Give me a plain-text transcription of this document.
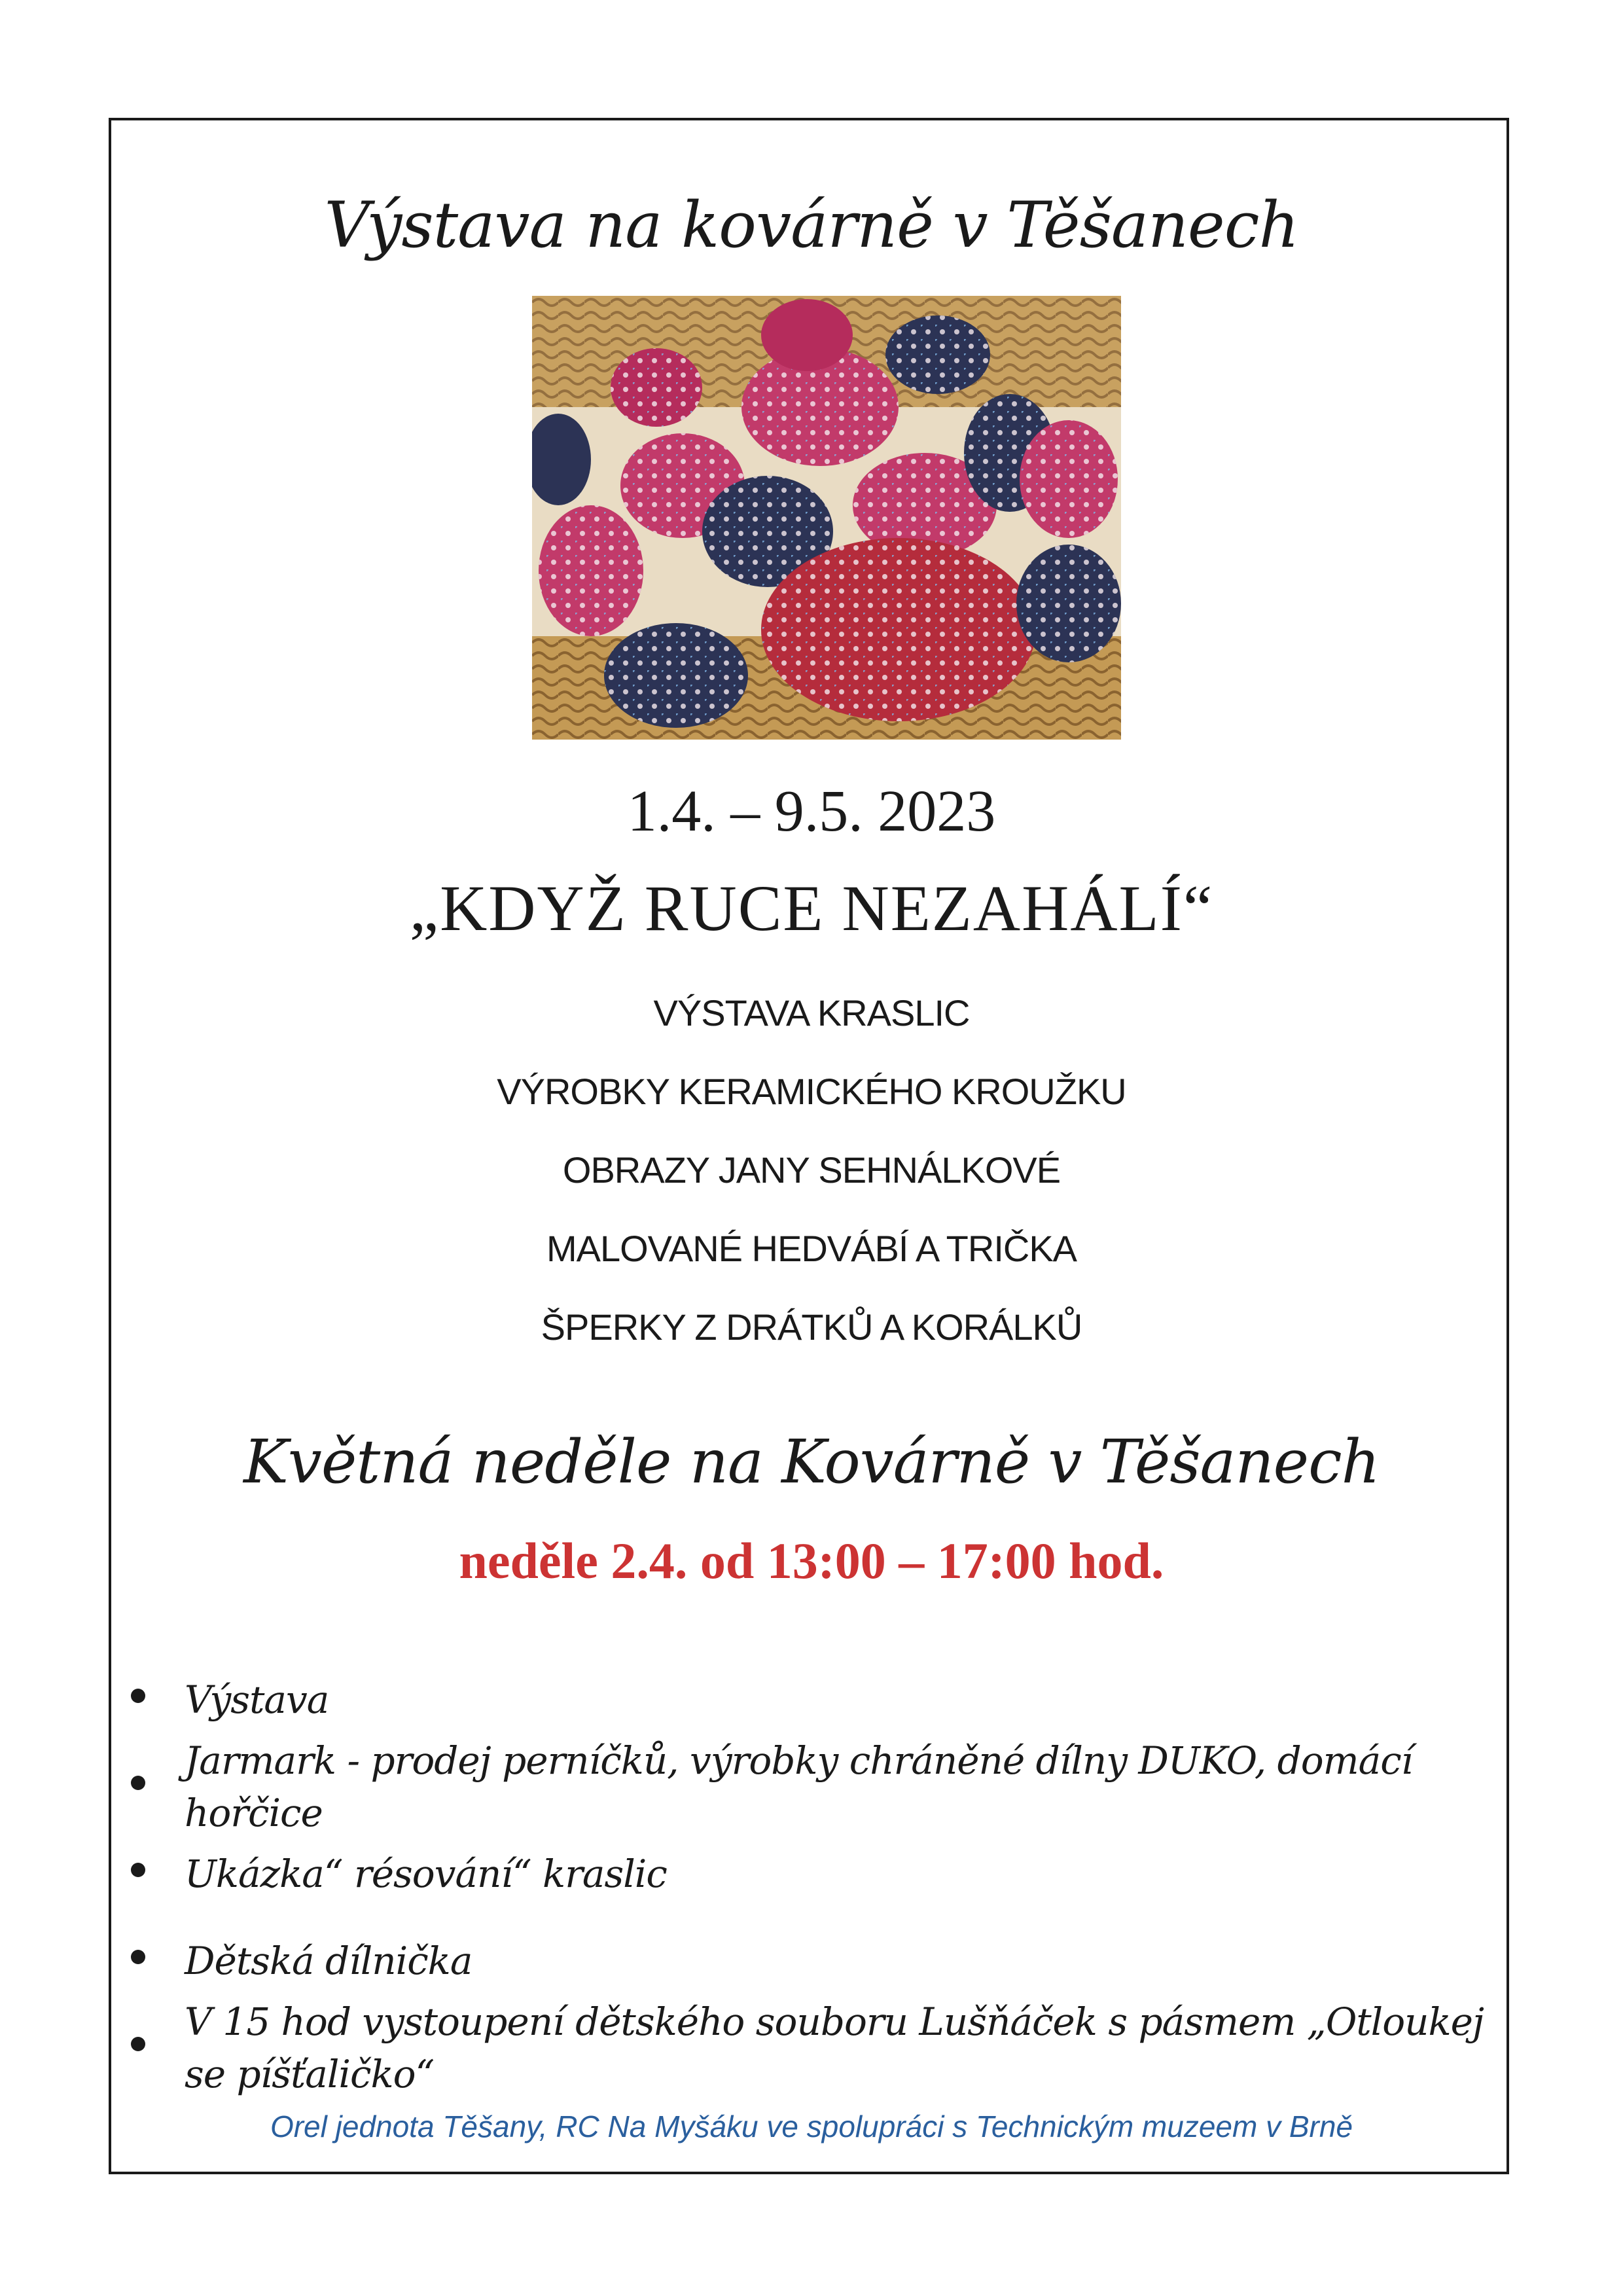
Výstava na kovárně v Těšanech

1.4. – 9.5. 2023
„KDYŽ RUCE NEZAHÁLÍ“
VÝSTAVA KRASLIC
VÝROBKY KERAMICKÉHO KROUŽKU
OBRAZY JANY SEHNÁLKOVÉ
MALOVANÉ HEDVÁBÍ A TRIČKA
ŠPERKY Z DRÁTKŮ A KORÁLKŮ
Květná neděle na Kovárně v Těšanech
neděle 2.4. od 13:00 – 17:00 hod.
Výstava
Jarmark - prodej perníčků, výrobky chráněné dílny DUKO, domácí hořčice
Ukázka“ résování“ kraslic
Dětská dílnička
V 15 hod vystoupení dětského souboru Lušňáček s pásmem „Otloukej se píšťaličko“
Orel jednota Těšany, RC Na Myšáku ve spolupráci s Technickým muzeem v Brně
